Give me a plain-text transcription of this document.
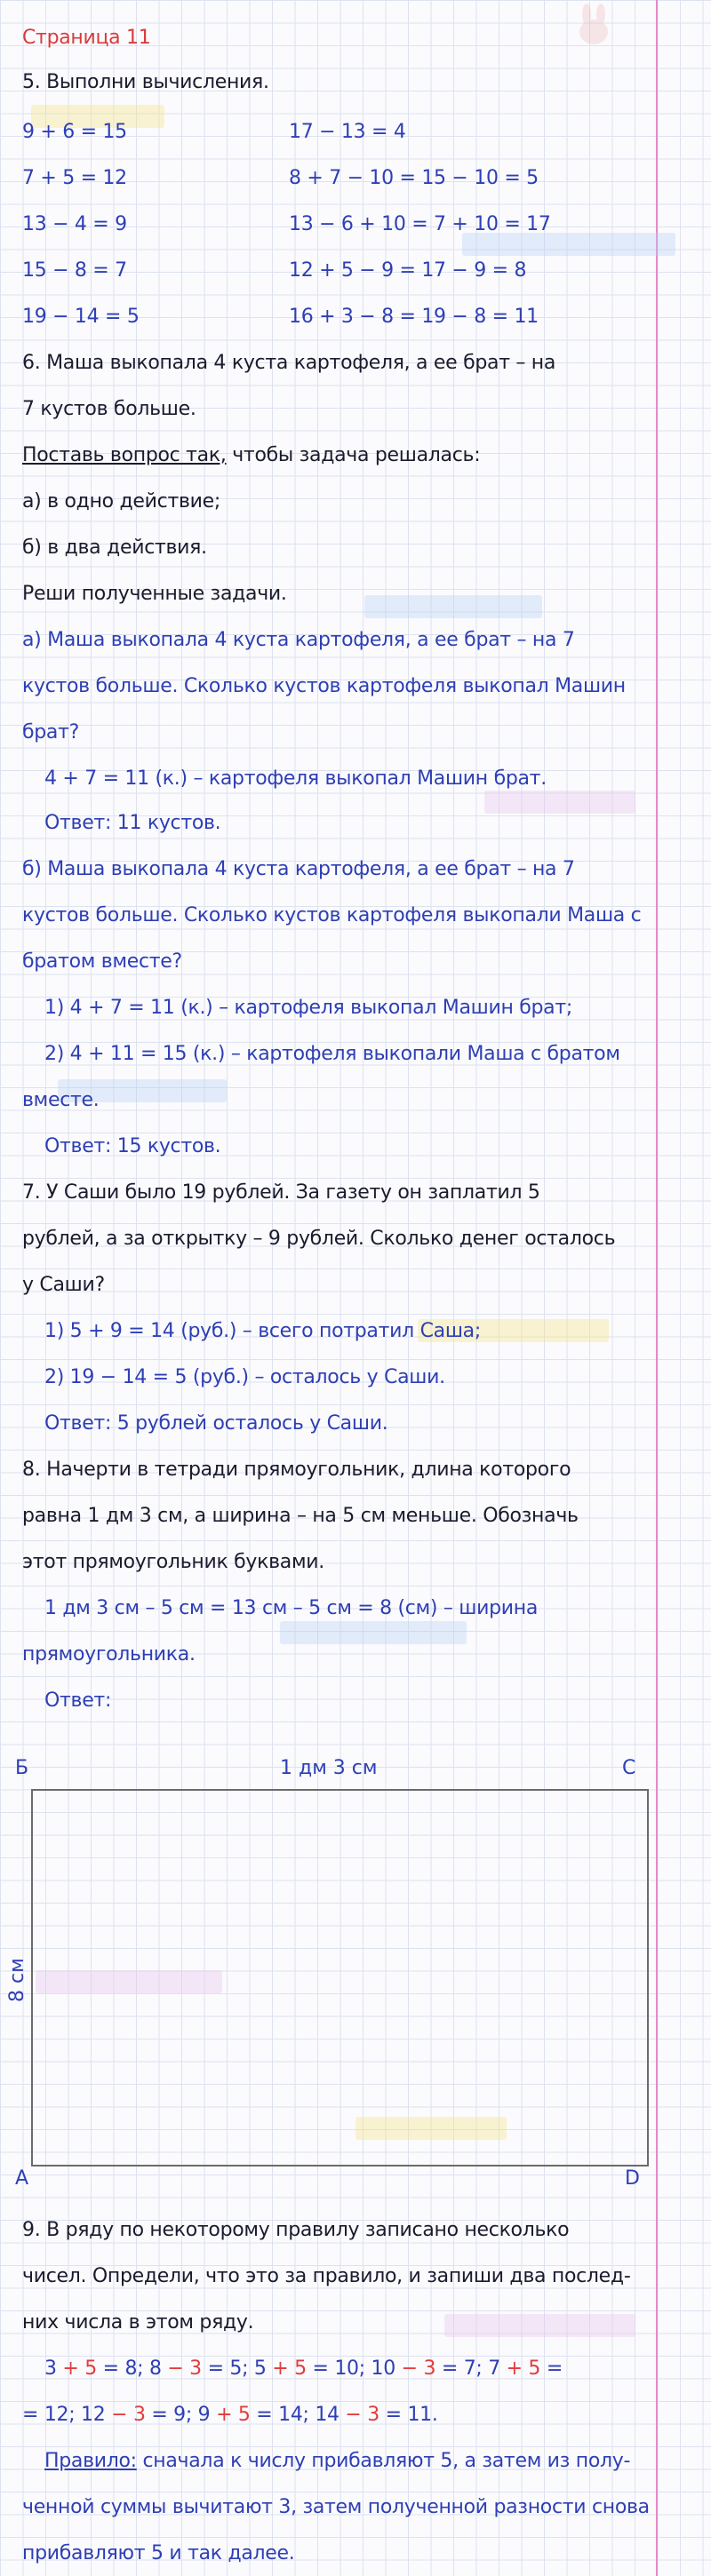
Страница 11
5. Выполни вычисления.
9 + 6 = 15
7 + 5 = 12
13 − 4 = 9
15 − 8 = 7
19 − 14 = 5
17 − 13 = 4
8 + 7 − 10 = 15 − 10 = 5
13 − 6 + 10 = 7 + 10 = 17
12 + 5 − 9 = 17 − 9 = 8
16 + 3 − 8 = 19 − 8 = 11
6. Маша выкопала 4 куста картофеля, а ее брат – на
7 кустов больше.
Поставь вопрос так, чтобы задача решалась:
а) в одно действие;
б) в два действия.
Реши полученные задачи.
а) Маша выкопала 4 куста картофеля, а ее брат – на 7
кустов больше. Сколько кустов картофеля выкопал Машин
брат?
4 + 7 = 11 (к.) – картофеля выкопал Машин брат.
Ответ: 11 кустов.
б) Маша выкопала 4 куста картофеля, а ее брат – на 7
кустов больше. Сколько кустов картофеля выкопали Маша с
братом вместе?
1) 4 + 7 = 11 (к.) – картофеля выкопал Машин брат;
2) 4 + 11 = 15 (к.) – картофеля выкопали Маша с братом
вместе.
Ответ: 15 кустов.
7. У Саши было 19 рублей. За газету он заплатил 5
рублей, а за открытку – 9 рублей. Сколько денег осталось
у Саши?
1) 5 + 9 = 14 (руб.) – всего потратил Саша;
2) 19 − 14 = 5 (руб.) – осталось у Саши.
Ответ: 5 рублей осталось у Саши.
8. Начерти в тетради прямоугольник, длина которого
равна 1 дм 3 см, а ширина – на 5 см меньше. Обозначь
этот прямоугольник буквами.
1 дм 3 см – 5 см = 13 см – 5 см = 8 (см) – ширина
прямоугольника.
Ответ:
Б	С
1 дм 3 см
8 см
А	D
9. В ряду по некоторому правилу записано несколько
чисел. Определи, что это за правило, и запиши два послед-
них числа в этом ряду.
3 + 5 = 8; 8 − 3 = 5; 5 + 5 = 10; 10 − 3 = 7; 7 + 5 =
= 12; 12 − 3 = 9; 9 + 5 = 14; 14 − 3 = 11.
Правило: сначала к числу прибавляют 5, а затем из полу-
ченной суммы вычитают 3, затем полученной разности снова
прибавляют 5 и так далее.
